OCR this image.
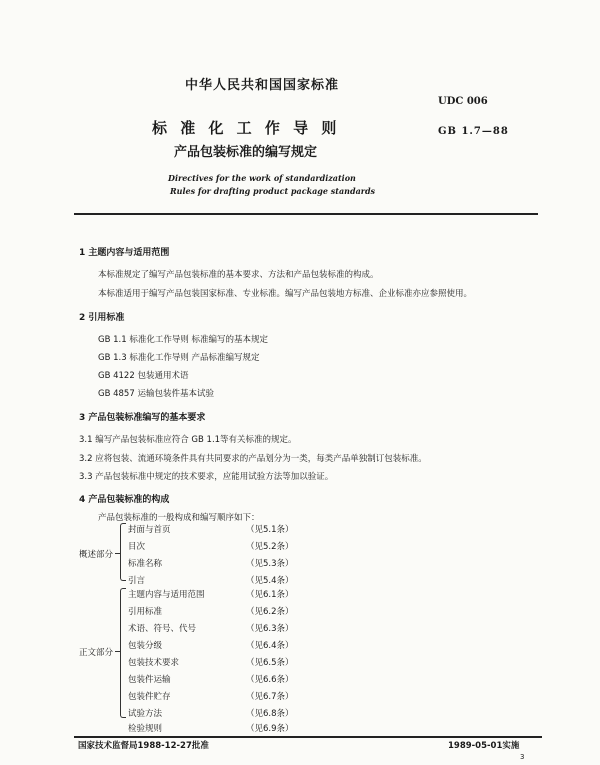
中华人民共和国国家标准
UDC 006
标 准 化 工 作 导 则	GB 1.7—88
产品包装标准的编写规定
Directives for the work of standardization
Rules for drafting product package standards
1 主题内容与适用范围
本标准规定了编写产品包装标准的基本要求、方法和产品包装标准的构成。
本标准适用于编写产品包装国家标准、专业标准。编写产品包装地方标准、企业标准亦应参照使用。
2 引用标准
GB 1.1 标准化工作导则 标准编写的基本规定
GB 1.3 标准化工作导则 产品标准编写规定
GB 4122 包装通用术语
GB 4857 运输包装件基本试验
3 产品包装标准编写的基本要求
3.1 编写产品包装标准应符合 GB 1.1等有关标准的规定。
3.2 应将包装、流通环境条件具有共同要求的产品划分为一类，每类产品单独制订包装标准。
3.3 产品包装标准中规定的技术要求，应能用试验方法等加以验证。
4 产品包装标准的构成
产品包装标准的一般构成和编写顺序如下：
概述部分
封面与首页	（见5.1条）
目次	（见5.2条）
标准名称	（见5.3条）
引言	（见5.4条）
正文部分
主题内容与适用范围	（见6.1条）
引用标准	（见6.2条）
术语、符号、代号	（见6.3条）
包装分级	（见6.4条）
包装技术要求	（见6.5条）
包装件运输	（见6.6条）
包装件贮存	（见6.7条）
试验方法	（见6.8条）
检验规则	（见6.9条）
国家技术监督局1988-12-27批准	1989-05-01实施
3
